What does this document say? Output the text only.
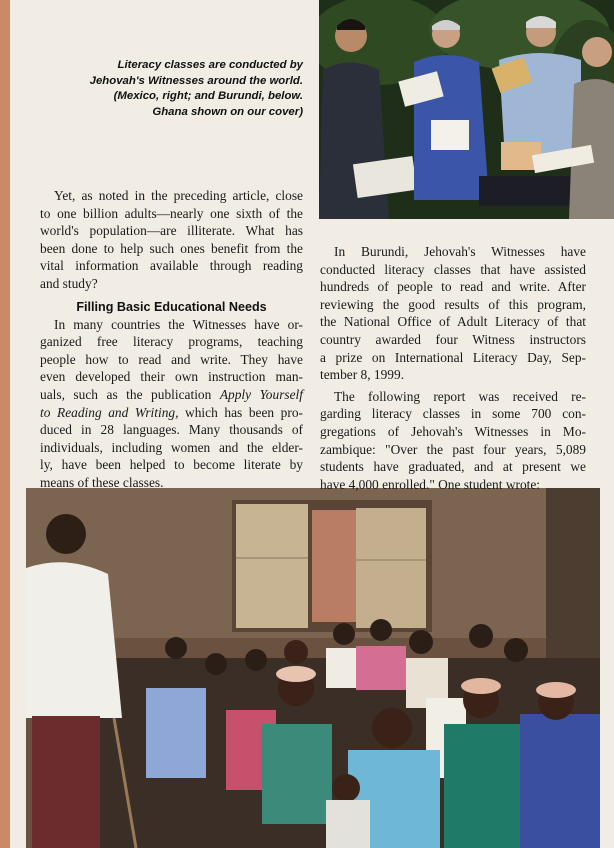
Literacy classes are conducted by
Jehovah's Witnesses around the world.
(Mexico, right; and Burundi, below.
Ghana shown on our cover)
Yet, as noted in the preceding article, close
to one billion adults—nearly one sixth of the
world's population—are illiterate. What has
been done to help such ones benefit from the
vital information available through reading
and study?
Filling Basic Educational Needs
In many countries the Witnesses have or-
ganized free literacy programs, teaching
people how to read and write. They have
even developed their own instruction man-
uals, such as the publication Apply Yourself
to Reading and Writing, which has been pro-
duced in 28 languages. Many thousands of
individuals, including women and the elder-
ly, have been helped to become literate by
means of these classes.
In Burundi, Jehovah's Witnesses have
conducted literacy classes that have assisted
hundreds of people to read and write. After
reviewing the good results of this program,
the National Office of Adult Literacy of that
country awarded four Witness instructors
a prize on International Literacy Day, Sep-
tember 8, 1999.
The following report was received re-
garding literacy classes in some 700 con-
gregations of Jehovah's Witnesses in Mo-
zambique: "Over the past four years, 5,089
students have graduated, and at present we
have 4,000 enrolled." One student wrote:
